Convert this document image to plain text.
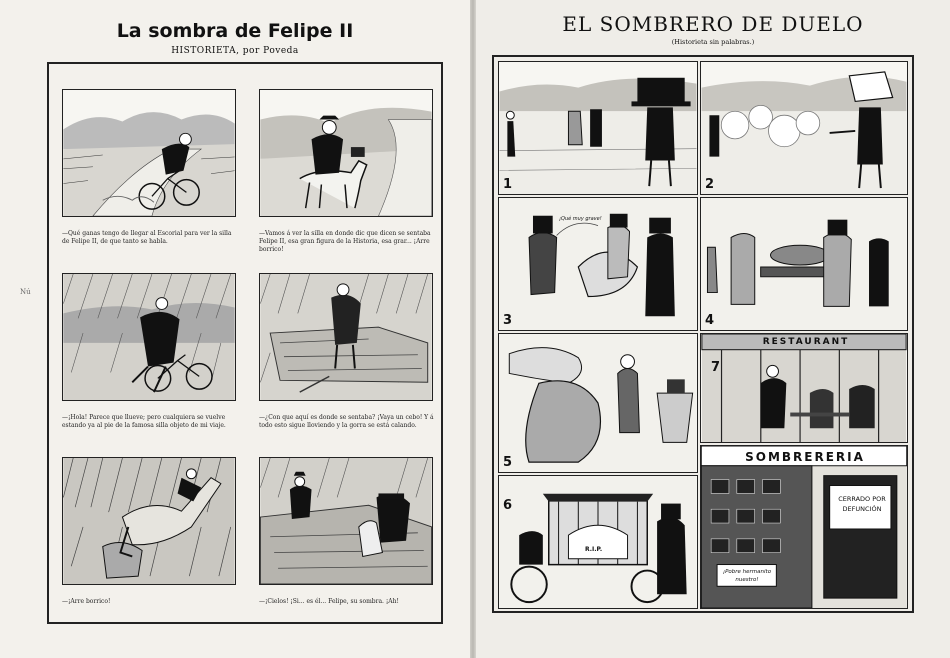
La sombra de Felipe II
HISTORIETA, por Poveda
Nú
—Qué ganas tengo de llegar al Escorial para ver la silla de Felipe II, de que tanto se habla.
—Vamos á ver la silla en donde dic que dicen se sentaba Felipe II, esa gran figura de la Historia, esa grar... ¡Arre borrico!
—¡Hola! Parece que llueve; pero cualquiera se vuelve estando ya al pie de la famosa silla objeto de mi viaje.
—¿Con que aquí es donde se sentaba? ¡Vaya un cebo! Y á todo esto sigue lloviendo y la gorra se está calando.
—¡Arre borrico!	—¡Cielos! ¡Si... es él... Felipe, su sombra. ¡Ah!
EL SOMBRERO DE DUELO
(Historieta sin palabras.)
1	2
¡Qué muy grave!
3	4
5
RESTAURANT
7
R.I.P.
6
SOMBRERERIA
CERRADO POR DEFUNCIÓN
¡Pobre hermanito nuestro!
